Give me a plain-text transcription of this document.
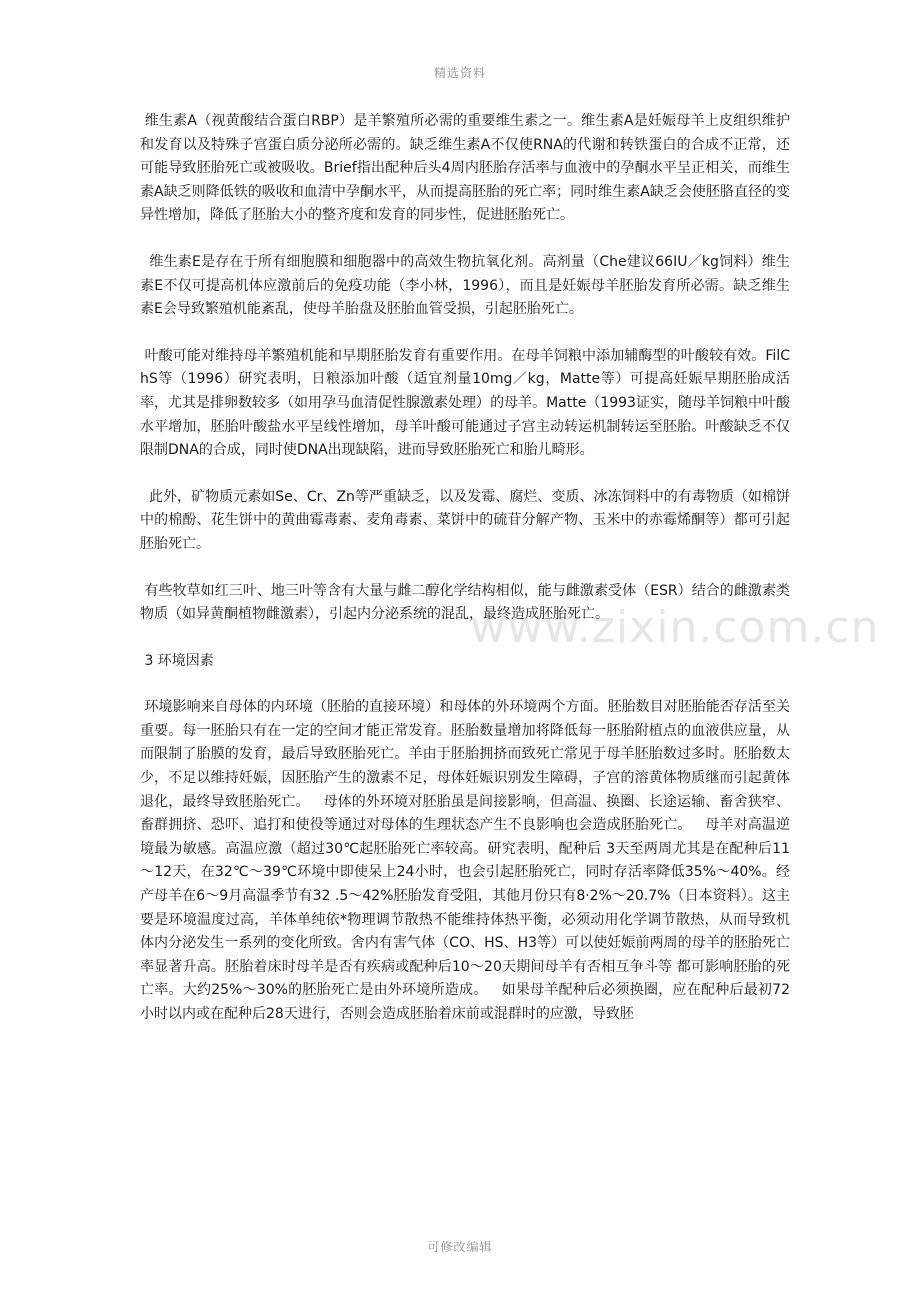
精选资料
www.zixin.com.cn

维生素A（视黄酸结合蛋白RBP）是羊繁殖所必需的重要维生素之一。维生素A是妊娠母羊上皮组织维护和发育以及特殊子宫蛋白质分泌所必需的。缺乏维生素A不仅使RNA的代谢和转铁蛋白的合成不正常，还可能导致胚胎死亡或被吸收。Brief指出配种后头4周内胚胎存活率与血液中的孕酮水平呈正相关，而维生素A缺乏则降低铁的吸收和血清中孕酮水平，从而提高胚胎的死亡率；同时维生素A缺乏会使胚胳直径的变异性增加，降低了胚胎大小的整齐度和发育的同步性，促进胚胎死亡。

维生素E是存在于所有细胞膜和细胞器中的高效生物抗氧化剂。高剂量（Che建议66IU／kg饲料）维生素E不仅可提高机体应激前后的免疫功能（李小林，1996），而且是妊娠母羊胚胎发育所必需。缺乏维生素E会导致繁殖机能紊乱，使母羊胎盘及胚胎血管受损，引起胚胎死亡。

叶酸可能对维持母羊繁殖机能和早期胚胎发育有重要作用。在母羊饲粮中添加辅酶型的叶酸较有效。FilChS等（1996）研究表明，日粮添加叶酸（适宜剂量10mg／kg，Matte等）可提高妊娠早期胚胎成活率，尤其是排卵数较多（如用孕马血清促性腺激素处理）的母羊。Matte（1993证实，随母羊饲粮中叶酸水平增加，胚胎叶酸盐水平呈线性增加，母羊叶酸可能通过子宫主动转运机制转运至胚胎。叶酸缺乏不仅限制DNA的合成，同时使DNA出现缺陷，进而导致胚胎死亡和胎儿畸形。

此外，矿物质元素如Se、Cr、Zn等严重缺乏，以及发霉、腐烂、变质、冰冻饲料中的有毒物质（如棉饼中的棉酚、花生饼中的黄曲霉毒素、麦角毒素、菜饼中的硫苷分解产物、玉米中的赤霉烯酮等）都可引起胚胎死亡。

有些牧草如红三叶、地三叶等含有大量与雌二醇化学结构相似，能与雌激素受体（ESR）结合的雌激素类物质（如异黄酮植物雌激素），引起内分泌系统的混乱，最终造成胚胎死亡。

3 环境因素

环境影响来自母体的内环境（胚胎的直接环境）和母体的外环境两个方面。胚胎数目对胚胎能否存活至关重要。每一胚胎只有在一定的空间才能正常发育。胚胎数量增加将降低每一胚胎附植点的血液供应量，从而限制了胎膜的发育，最后导致胚胎死亡。羊由于胚胎拥挤而致死亡常见于母羊胚胎数过多时。胚胎数太少，不足以维持妊娠，因胚胎产生的激素不足，母体妊娠识别发生障碍，子宫的溶黄体物质继而引起黄体退化，最终导致胚胎死亡。   母体的外环境对胚胎虽是间接影响，但高温、换圈、长途运输、畜舍狭窄、畜群拥挤、恐吓、追打和使役等通过对母体的生理状态产生不良影响也会造成胚胎死亡。   母羊对高温逆境最为敏感。高温应激（超过30℃起胚胎死亡率较高。研究表明，配种后 3天至两周尤其是在配种后11～12天，在32℃～39℃环境中即使呆上24小时，也会引起胚胎死亡，同时存活率降低35%～40%。经产母羊在6～9月高温季节有32 .5～42%胚胎发育受阻，其他月份只有8·2%～20.7%（日本资料）。这主要是环境温度过高，羊体单纯依*物理调节散热不能维持体热平衡，必须动用化学调节散热，从而导致机体内分泌发生一系列的变化所致。舍内有害气体（CO、HS、H3等）可以使妊娠前两周的母羊的胚胎死亡率显著升高。胚胎着床时母羊是否有疾病或配种后10～20天期间母羊有否相互争斗等 都可影响胚胎的死亡率。大约25%～30%的胚胎死亡是由外环境所造成。   如果母羊配种后必须换圈，应在配种后最初72小时以内或在配种后28天进行，否则会造成胚胎着床前或混群时的应激，导致胚

可修改编辑
